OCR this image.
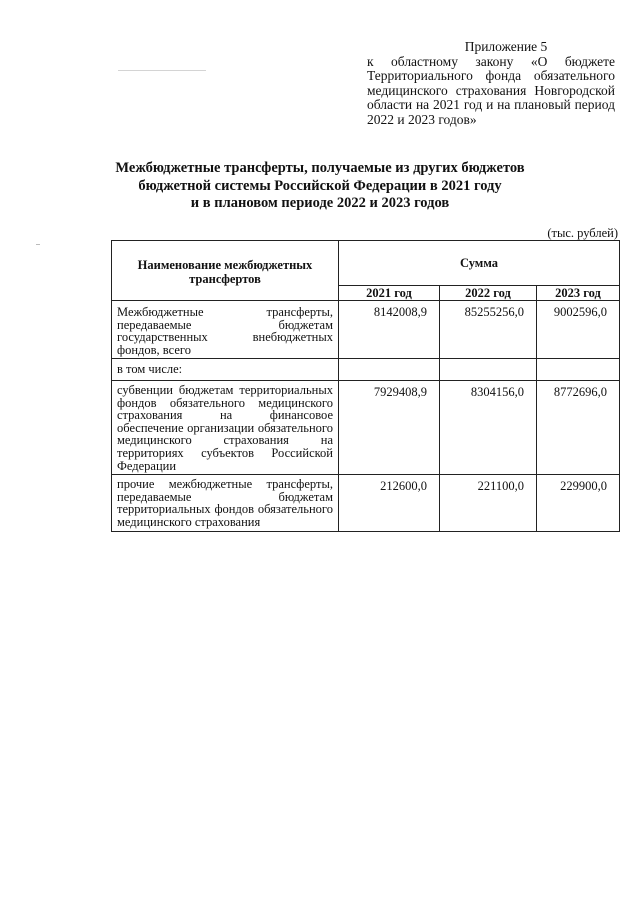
Приложение 5
к областному закону «О бюджете Территориального фонда обязательного медицинского страхования Новгородской области на 2021 год и на плановый период 2022 и 2023 годов»
Межбюджетные трансферты, получаемые из других бюджетов
бюджетной системы Российской Федерации в 2021 году
и в плановом периоде 2022 и 2023 годов
(тыс. рублей)
Наименование межбюджетных трансфертов	Сумма		
	2021 год	2022 год	2023 год
Межбюджетные трансферты, передаваемые бюджетам государственных внебюджетных фондов, всего	8142008,9	85255256,0	9002596,0
в том числе:			
субвенции бюджетам территориальных фондов обязательного медицинского страхования на финансовое обеспечение организации обязательного медицинского страхования на территориях субъектов Российской Федерации	7929408,9	8304156,0	8772696,0
прочие межбюджетные трансферты, передаваемые бюджетам территориальных фондов обязательного медицинского страхования	212600,0	221100,0	229900,0
